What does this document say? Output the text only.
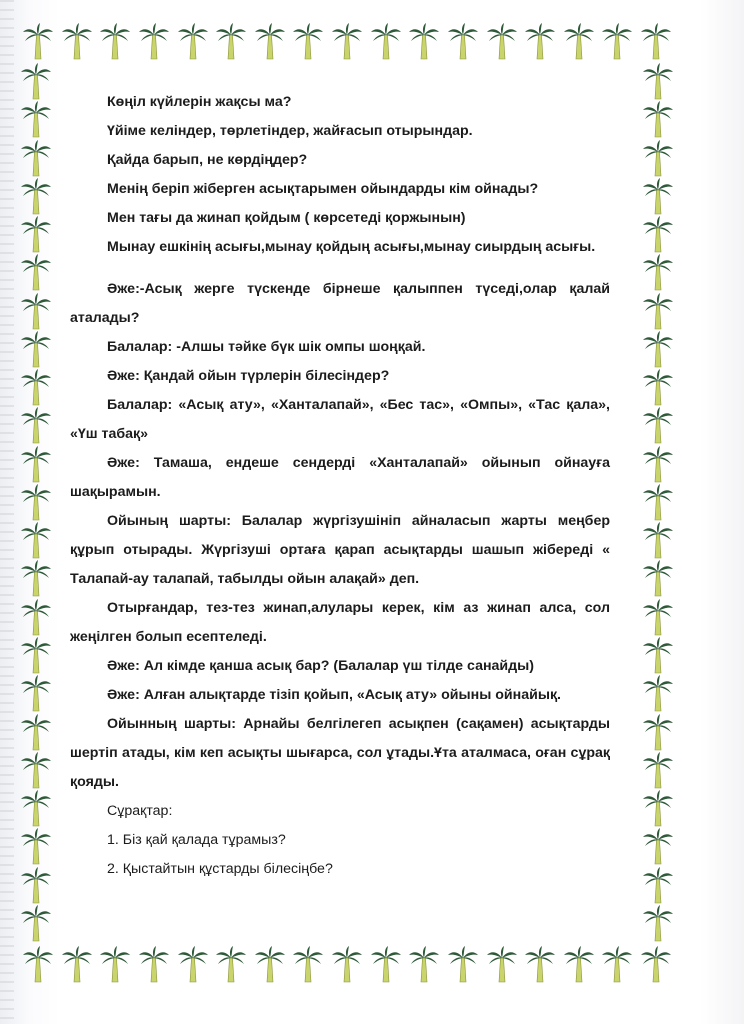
Көңіл күйлерін жақсы ма?

Үйіме келіндер, төрлетіндер, жайғасып отырындар.

Қайда барып, не көрдіңдер?

Менің беріп жіберген асықтарымен ойындарды кім ойнады?

Мен тағы да жинап қойдым ( көрсетеді қоржынын)

Мынау ешкінің асығы,мынау қойдың асығы,мынау сиырдың асығы.

Әже:-Асық жерге түскенде бірнеше қалыппен түседі,олар қалай аталады?

Балалар: -Алшы тәйке бүк шік омпы шоңқай.

Әже: Қандай ойын түрлерін білесіндер?

Балалар: «Асық ату», «Ханталапай», «Бес тас», «Омпы», «Тас қала», «Үш табақ»

Әже: Тамаша, ендеше сендерді «Ханталапай» ойынып ойнауға шақырамын.

Ойының шарты: Балалар жүргізушініп айналасып жарты меңбер құрып отырады. Жүргізуші ортаға қарап асықтарды шашып жібереді « Талапай-ау талапай, табылды ойын алақай» деп.

Отырғандар, тез-тез жинап,алулары керек, кім аз жинап алса, сол жеңілген болып есептеледі.

Әже: Ал кімде қанша асық бар? (Балалар үш тілде санайды)

Әже: Алған алықтарде тізіп қойып, «Асық ату» ойыны ойнайық.

Ойынның шарты: Арнайы белгілегеп асықпен (сақамен) асықтарды шертіп атады, кім кеп асықты шығарса, сол ұтады.Ұта аталмаса, оған сұрақ қояды.

Сұрақтар:

1. Біз қай қалада тұрамыз?
2. Қыстайтын құстарды білесіңбе?
